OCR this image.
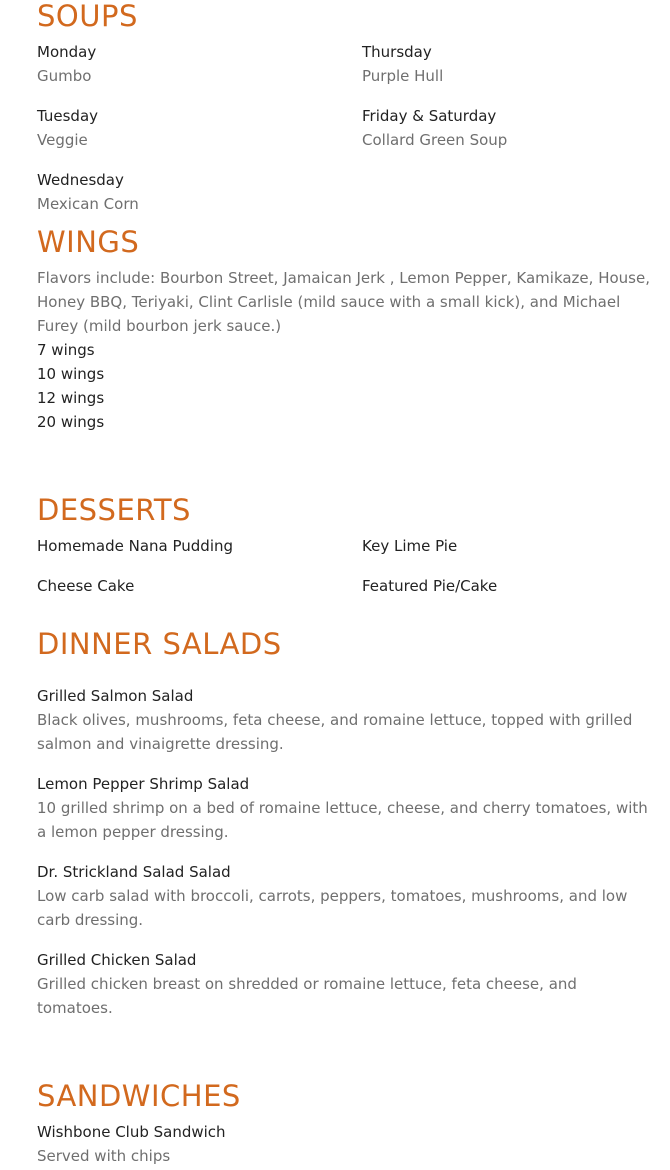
SOUPS
Monday
Gumbo
Thursday
Purple Hull
Tuesday
Veggie
Friday & Saturday
Collard Green Soup
Wednesday
Mexican Corn
WINGS
Flavors include: Bourbon Street, Jamaican Jerk , Lemon Pepper, Kamikaze, House, Honey BBQ, Teriyaki, Clint Carlisle (mild sauce with a small kick), and Michael Furey (mild bourbon jerk sauce.)
7 wings
10 wings
12 wings
20 wings
DESSERTS
Homemade Nana Pudding	Key Lime Pie
Cheese Cake	Featured Pie/Cake
DINNER SALADS
Grilled Salmon Salad
Black olives, mushrooms, feta cheese, and romaine lettuce, topped with grilled salmon and vinaigrette dressing.
Lemon Pepper Shrimp Salad
10 grilled shrimp on a bed of romaine lettuce, cheese, and cherry tomatoes, with a lemon pepper dressing.
Dr. Strickland Salad Salad
Low carb salad with broccoli, carrots, peppers, tomatoes, mushrooms, and low carb dressing.
Grilled Chicken Salad
Grilled chicken breast on shredded or romaine lettuce, feta cheese, and tomatoes.
SANDWICHES
Wishbone Club Sandwich
Served with chips
